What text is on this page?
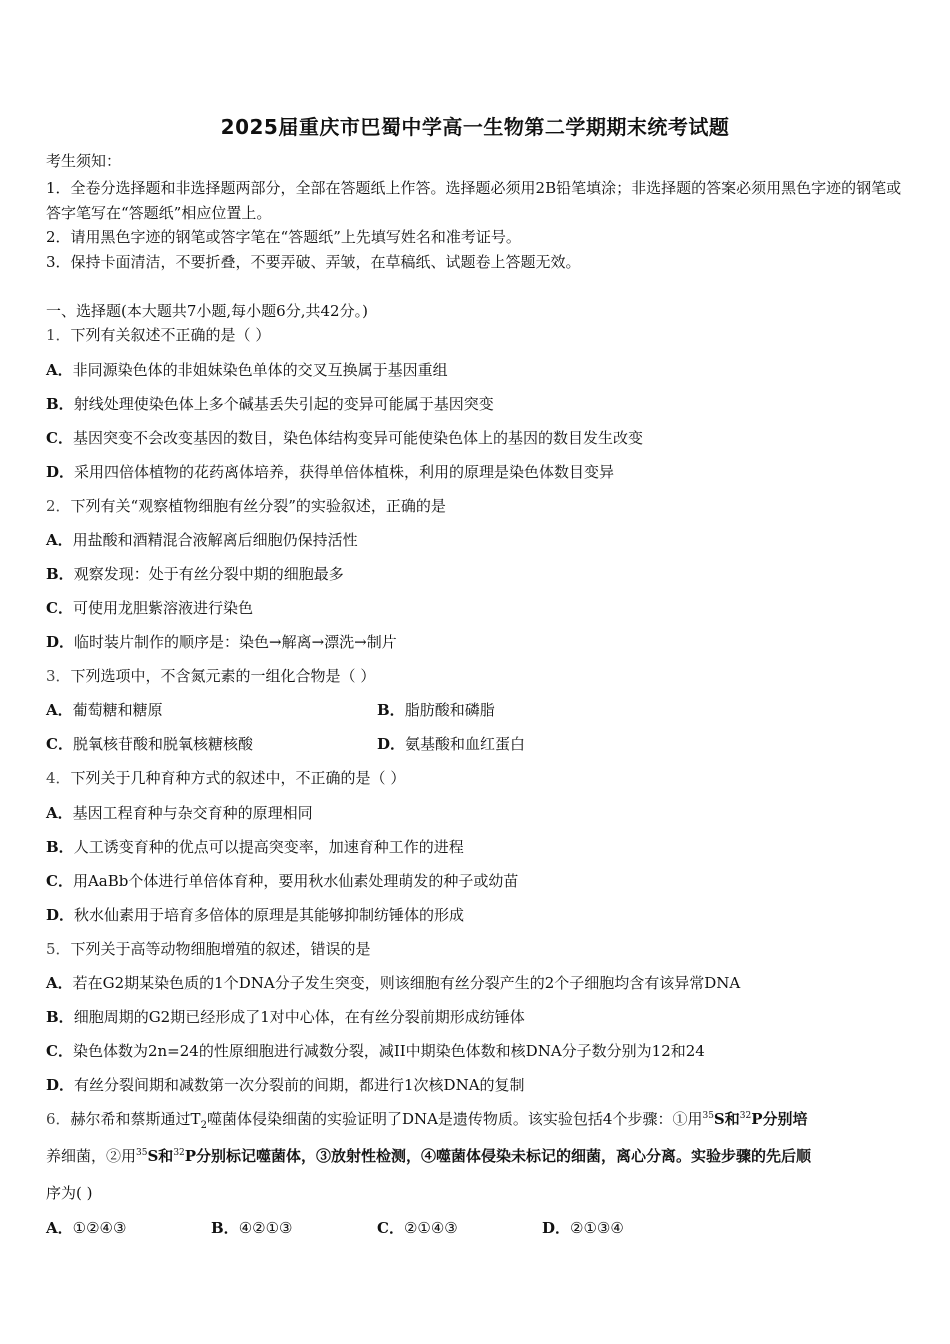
2025届重庆市巴蜀中学高一生物第二学期期末统考试题
考生须知：
1．全卷分选择题和非选择题两部分，全部在答题纸上作答。选择题必须用2B铅笔填涂；非选择题的答案必须用黑色字迹的钢笔或答字笔写在“答题纸”相应位置上。
2．请用黑色字迹的钢笔或答字笔在“答题纸”上先填写姓名和准考证号。
3．保持卡面清洁，不要折叠，不要弄破、弄皱，在草稿纸、试题卷上答题无效。
一、选择题(本大题共7小题,每小题6分,共42分。)
1．下列有关叙述不正确的是（ ）
A．非同源染色体的非姐妹染色单体的交叉互换属于基因重组
B．射线处理使染色体上多个碱基丢失引起的变异可能属于基因突变
C．基因突变不会改变基因的数目，染色体结构变异可能使染色体上的基因的数目发生改变
D．采用四倍体植物的花药离体培养，获得单倍体植株，利用的原理是染色体数目变异
2．下列有关“观察植物细胞有丝分裂”的实验叙述，正确的是
A．用盐酸和酒精混合液解离后细胞仍保持活性
B．观察发现：处于有丝分裂中期的细胞最多
C．可使用龙胆紫溶液进行染色
D．临时装片制作的顺序是：染色→解离→漂洗→制片
3．下列选项中，不含氮元素的一组化合物是（ ）
A．葡萄糖和糖原	B．脂肪酸和磷脂
C．脱氧核苷酸和脱氧核糖核酸	D．氨基酸和血红蛋白
4．下列关于几种育种方式的叙述中，不正确的是（ ）
A．基因工程育种与杂交育种的原理相同
B．人工诱变育种的优点可以提高突变率，加速育种工作的进程
C．用AaBb个体进行单倍体育种，要用秋水仙素处理萌发的种子或幼苗
D．秋水仙素用于培育多倍体的原理是其能够抑制纺锤体的形成
5．下列关于高等动物细胞增殖的叙述，错误的是
A．若在G2期某染色质的1个DNA分子发生突变，则该细胞有丝分裂产生的2个子细胞均含有该异常DNA
B．细胞周期的G2期已经形成了1对中心体，在有丝分裂前期形成纺锤体
C．染色体数为2n=24的性原细胞进行减数分裂，减II中期染色体数和核DNA分子数分别为12和24
D．有丝分裂间期和减数第一次分裂前的间期，都进行1次核DNA的复制
6．赫尔希和蔡斯通过$T_2$噬菌体侵染细菌的实验证明了DNA是遗传物质。该实验包括4个步骤：①用$^{35}$S和$^{32}$P分别培
养细菌，②用$^{35}$S和$^{32}$P分别标记噬菌体，③放射性检测，④噬菌体侵染未标记的细菌，离心分离。实验步骤的先后顺
序为( )
A．①②④③	B．④②①③	C．②①④③	D．②①③④
